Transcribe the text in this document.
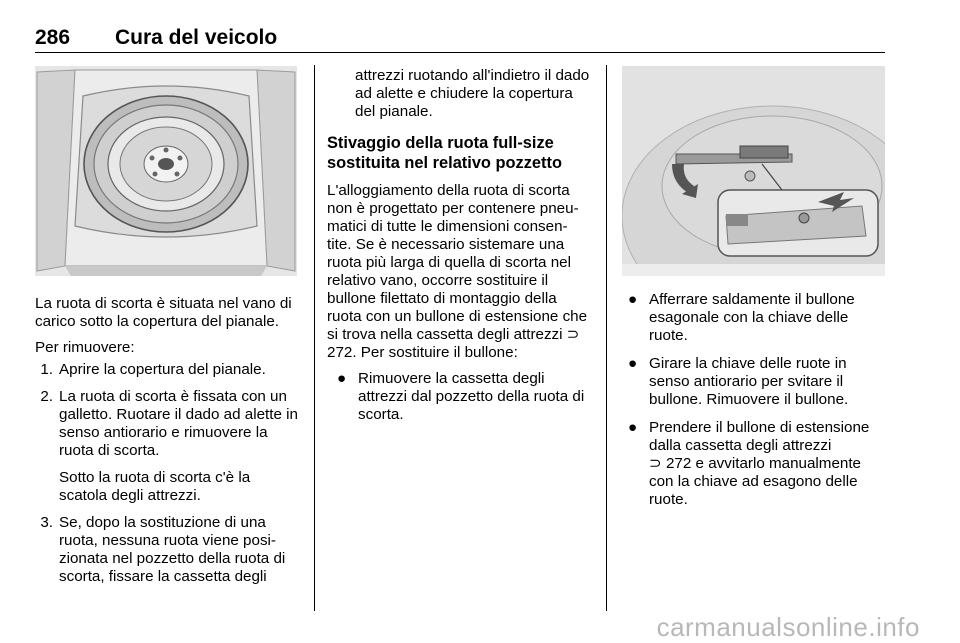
286 Cura del veicolo

La ruota di scorta è situata nel vano di carico sotto la copertura del pianale.

Per rimuovere:

1. Aprire la copertura del pianale.
2. La ruota di scorta è fissata con un galletto. Ruotare il dado ad alette in senso antiorario e rimuovere la ruota di scorta.

Sotto la ruota di scorta c'è la scatola degli attrezzi.

3. Se, dopo la sostituzione di una ruota, nessuna ruota viene posi‐ zionata nel pozzetto della ruota di scorta, fissare la cassetta degli

attrezzi ruotando all'indietro il dado ad alette e chiudere la copertura del pianale.

Stivaggio della ruota full-size sostituita nel relativo pozzetto

L'alloggiamento della ruota di scorta non è progettato per contenere pneu‐ matici di tutte le dimensioni consen‐ tite. Se è necessario sistemare una ruota più larga di quella di scorta nel relativo vano, occorre sostituire il bullone filettato di montaggio della ruota con un bullone di estensione che si trova nella cassetta degli attrezzi ⊃ 272. Per sostituire il bullone:

● Rimuovere la cassetta degli attrezzi dal pozzetto della ruota di scorta.
● Afferrare saldamente il bullone esagonale con la chiave delle ruote.
● Girare la chiave delle ruote in senso antiorario per svitare il bullone. Rimuovere il bullone.
● Prendere il bullone di estensione dalla cassetta degli attrezzi
⊃ 272 e avvitarlo manualmente con la chiave ad esagono delle ruote.
carmanualsonline.info
